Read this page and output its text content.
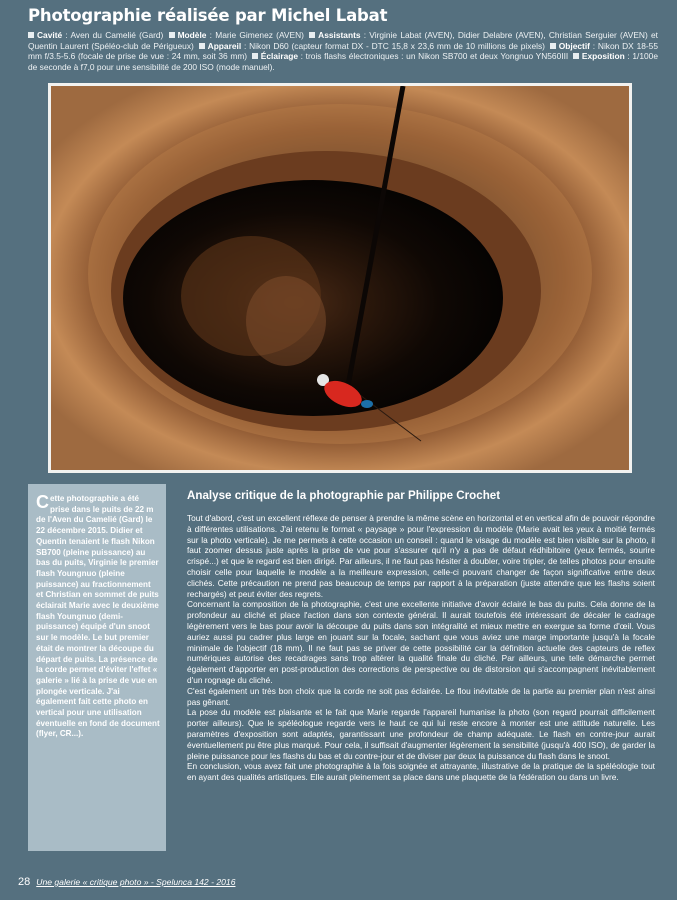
Photographie réalisée par Michel Labat
Cavité : Aven du Camelié (Gard) Modèle : Marie Gimenez (AVEN) Assistants : Virginie Labat (AVEN), Didier Delabre (AVEN), Christian Serguier (AVEN) et Quentin Laurent (Spéléo-club de Périgueux) Appareil : Nikon D60 (capteur format DX - DTC 15,8 x 23,6 mm de 10 millions de pixels) Objectif : Nikon DX 18-55 mm f/3.5-5.6 (focale de prise de vue : 24 mm, soit 36 mm) Éclairage : trois flashs électroniques : un Nikon SB700 et deux Yongnuo YN560III Exposition : 1/100e de seconde à f7,0 pour une sensibilité de 200 ISO (mode manuel).
Cette photographie a été prise dans le puits de 22 m de l'Aven du Camelié (Gard) le 22 décembre 2015. Didier et Quentin tenaient le flash Nikon SB700 (pleine puissance) au bas du puits, Virginie le premier flash Youngnuo (pleine puissance) au fractionnement et Christian en sommet de puits éclairait Marie avec le deuxième flash Youngnuo (demi-puissance) équipé d'un snoot sur le modèle. Le but premier était de montrer la découpe du départ de puits. La présence de la corde permet d'éviter l'effet « galerie » lié à la prise de vue en plongée verticale. J'ai également fait cette photo en vertical pour une utilisation éventuelle en fond de document (flyer, CR...).
Analyse critique de la photographie par Philippe Crochet

Tout d'abord, c'est un excellent réflexe de penser à prendre la même scène en horizontal et en vertical afin de pouvoir répondre à différentes utilisations. J'ai retenu le format « paysage » pour l'expression du modèle (Marie avait les yeux à moitié fermés sur la photo verticale). Je me permets à cette occasion un conseil : quand le visage du modèle est bien visible sur la photo, il faut zoomer dessus juste après la prise de vue pour s'assurer qu'il n'y a pas de défaut rédhibitoire (yeux fermés, sourire crispé...) et que le regard est bien dirigé. Par ailleurs, il ne faut pas hésiter à doubler, voire tripler, de telles photos pour ensuite choisir celle pour laquelle le modèle a la meilleure expression, celle-ci pouvant changer de façon significative entre deux clichés. Cette précaution ne prend pas beaucoup de temps par rapport à la préparation (juste attendre que les flashs soient rechargés) et peut éviter des regrets.

Concernant la composition de la photographie, c'est une excellente initiative d'avoir éclairé le bas du puits. Cela donne de la profondeur au cliché et place l'action dans son contexte général. Il aurait toutefois été intéressant de décaler le cadrage légèrement vers le bas pour avoir la découpe du puits dans son intégralité et mieux mettre en exergue sa forme d'œil. Vous auriez aussi pu cadrer plus large en jouant sur la focale, sachant que vous aviez une marge importante jusqu'à la focale minimale de l'objectif (18 mm). Il ne faut pas se priver de cette possibilité car la définition actuelle des capteurs de reflex numériques autorise des recadrages sans trop altérer la qualité finale du cliché. Par ailleurs, une telle démarche permet également d'apporter en post-production des corrections de perspective ou de distorsion qui s'accompagnent inévitablement d'un rognage du cliché.

C'est également un très bon choix que la corde ne soit pas éclairée. Le flou inévitable de la partie au premier plan n'est ainsi pas gênant.

La pose du modèle est plaisante et le fait que Marie regarde l'appareil humanise la photo (son regard pourrait difficilement porter ailleurs). Que le spéléologue regarde vers le haut ce qui lui reste encore à monter est une attitude naturelle. Les paramètres d'exposition sont adaptés, garantissant une profondeur de champ adéquate. Le flash en contre-jour aurait éventuellement pu être plus marqué. Pour cela, il suffisait d'augmenter légèrement la sensibilité (jusqu'à 400 ISO), de garder la pleine puissance pour les flashs du bas et du contre-jour et de diviser par deux la puissance du flash dans le snoot.

En conclusion, vous avez fait une photographie à la fois soignée et attrayante, illustrative de la pratique de la spéléologie tout en ayant des qualités artistiques. Elle aurait pleinement sa place dans une plaquette de la fédération ou dans un livre.

28 Une galerie « critique photo » - Spelunca 142 - 2016
